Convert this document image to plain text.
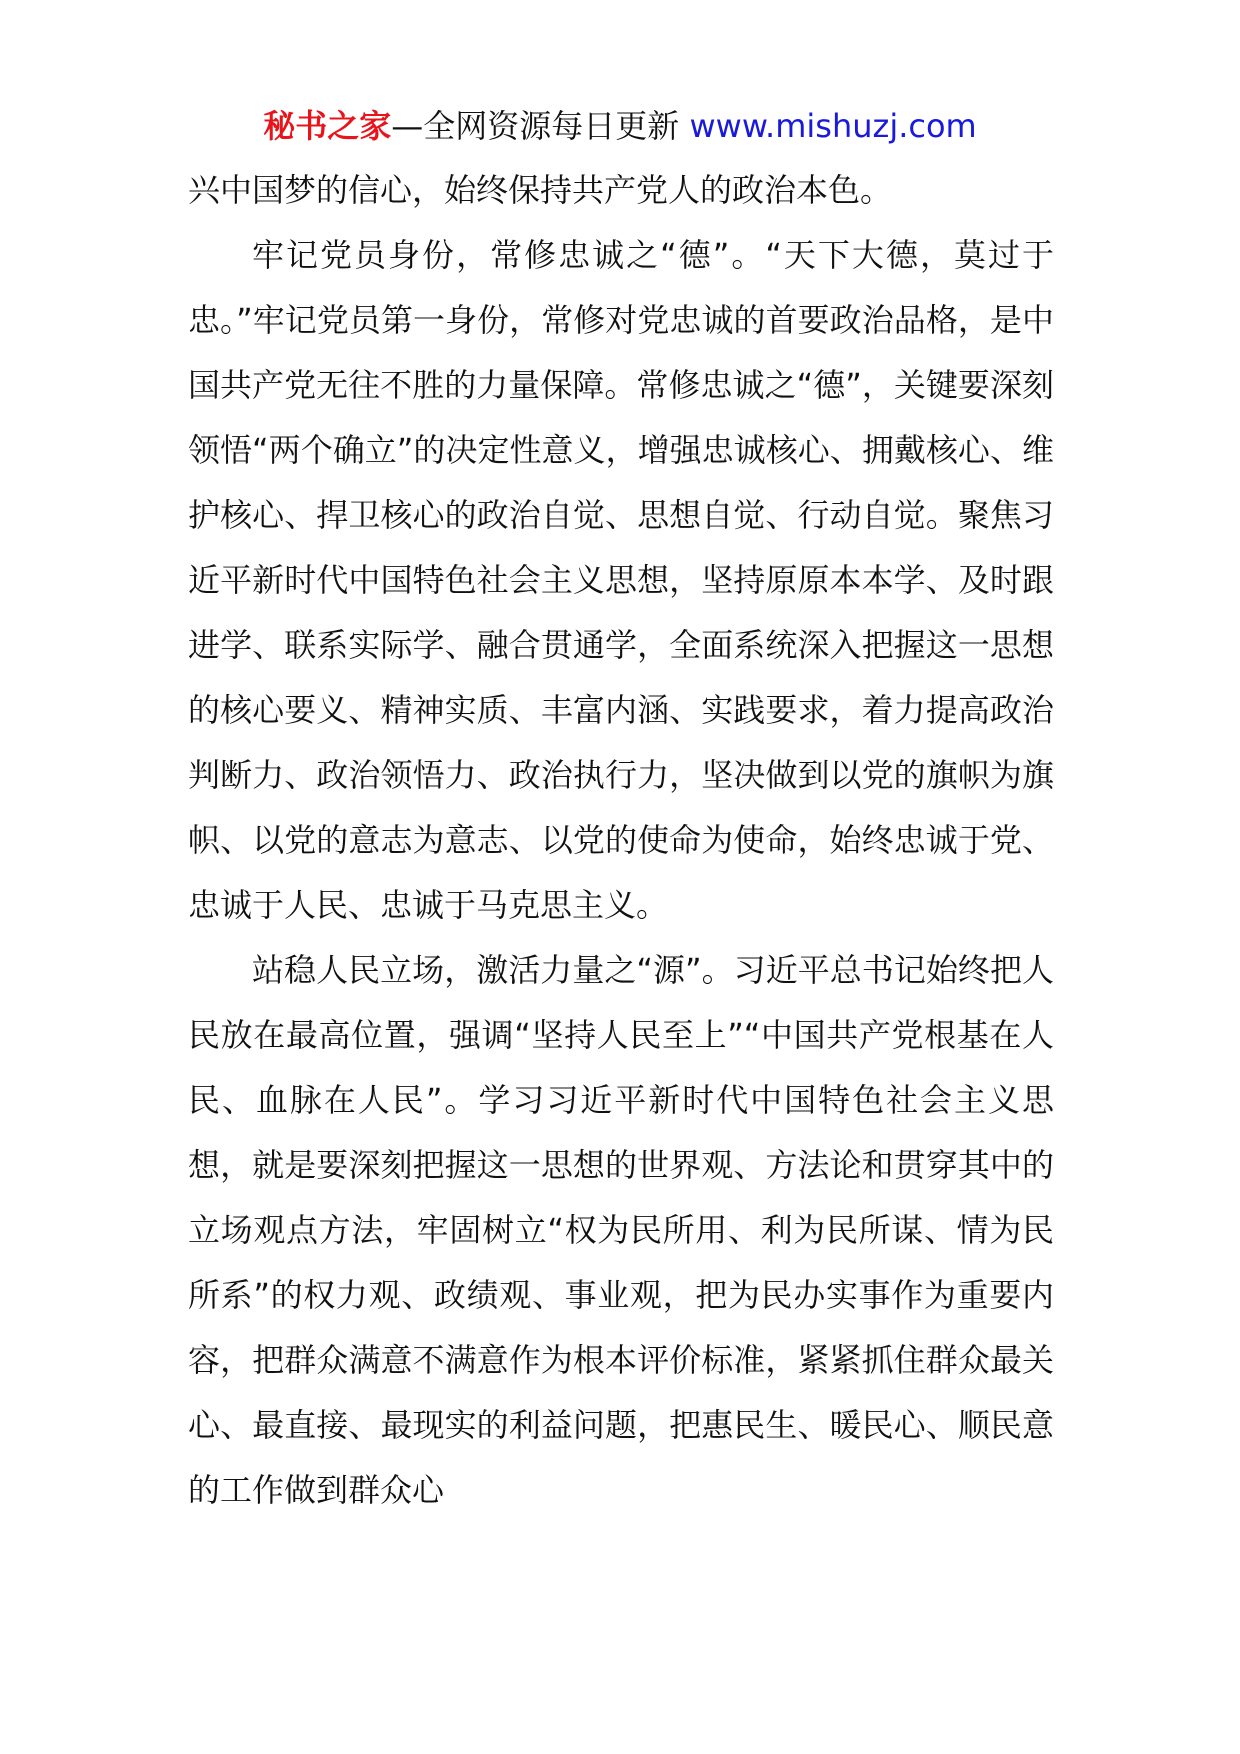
秘书之家—全网资源每日更新 www.mishuzj.com

兴中国梦的信心，始终保持共产党人的政治本色。

牢记党员身份，常修忠诚之“德”。“天下大德，莫过于忠。”牢记党员第一身份，常修对党忠诚的首要政治品格，是中国共产党无往不胜的力量保障。常修忠诚之“德”，关键要深刻领悟“两个确立”的决定性意义，增强忠诚核心、拥戴核心、维护核心、捍卫核心的政治自觉、思想自觉、行动自觉。聚焦习近平新时代中国特色社会主义思想，坚持原原本本学、及时跟进学、联系实际学、融合贯通学，全面系统深入把握这一思想的核心要义、精神实质、丰富内涵、实践要求，着力提高政治判断力、政治领悟力、政治执行力，坚决做到以党的旗帜为旗帜、以党的意志为意志、以党的使命为使命，始终忠诚于党、忠诚于人民、忠诚于马克思主义。

站稳人民立场，激活力量之“源”。习近平总书记始终把人民放在最高位置，强调“坚持人民至上”“中国共产党根基在人民、血脉在人民”。学习习近平新时代中国特色社会主义思想，就是要深刻把握这一思想的世界观、方法论和贯穿其中的立场观点方法，牢固树立“权为民所用、利为民所谋、情为民所系”的权力观、政绩观、事业观，把为民办实事作为重要内容，把群众满意不满意作为根本评价标准，紧紧抓住群众最关心、最直接、最现实的利益问题，把惠民生、暖民心、顺民意的工作做到群众心
